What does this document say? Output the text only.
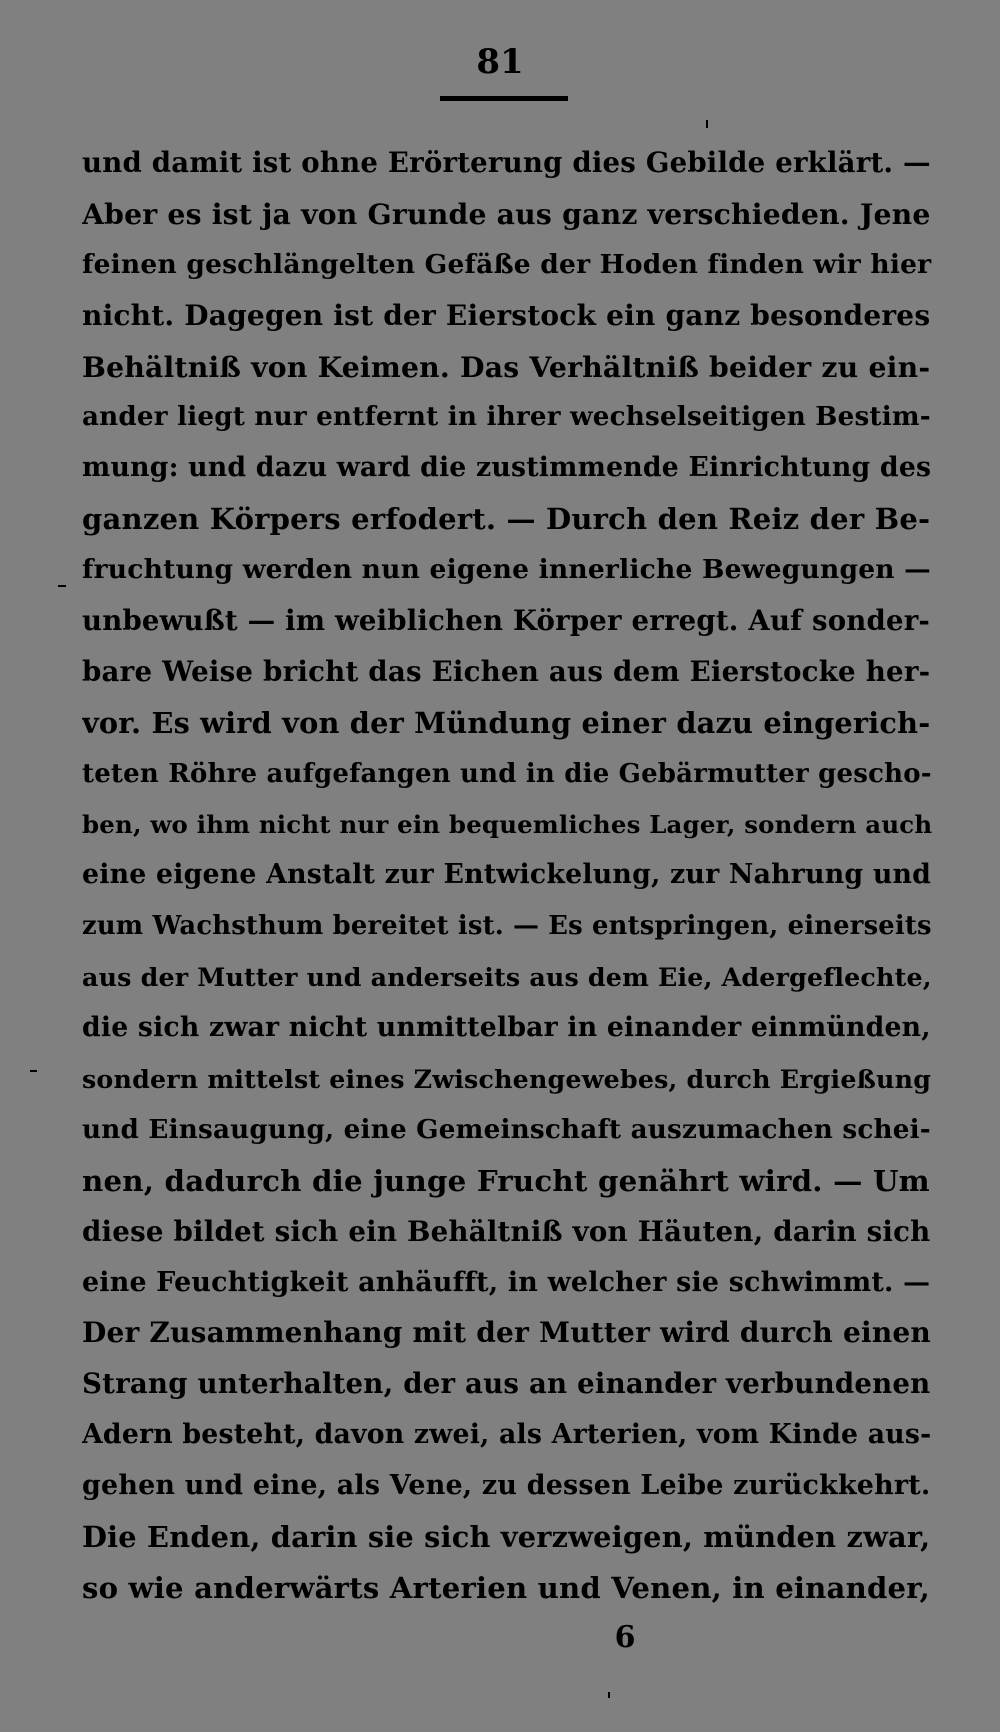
81
und damit ist ohne Erörterung dies Gebilde erklärt. —
Aber es ist ja von Grunde aus ganz verschieden. Jene
feinen geschlängelten Gefäße der Hoden finden wir hier
nicht. Dagegen ist der Eierstock ein ganz besonderes
Behältniß von Keimen. Das Verhältniß beider zu ein-
ander liegt nur entfernt in ihrer wechselseitigen Bestim-
mung: und dazu ward die zustimmende Einrichtung des
ganzen Körpers erfodert. — Durch den Reiz der Be-
fruchtung werden nun eigene innerliche Bewegungen —
unbewußt — im weiblichen Körper erregt. Auf sonder-
bare Weise bricht das Eichen aus dem Eierstocke her-
vor. Es wird von der Mündung einer dazu eingerich-
teten Röhre aufgefangen und in die Gebärmutter gescho-
ben, wo ihm nicht nur ein bequemliches Lager, sondern auch
eine eigene Anstalt zur Entwickelung, zur Nahrung und
zum Wachsthum bereitet ist. — Es entspringen, einerseits
aus der Mutter und anderseits aus dem Eie, Adergeflechte,
die sich zwar nicht unmittelbar in einander einmünden,
sondern mittelst eines Zwischengewebes, durch Ergießung
und Einsaugung, eine Gemeinschaft auszumachen schei-
nen, dadurch die junge Frucht genährt wird. — Um
diese bildet sich ein Behältniß von Häuten, darin sich
eine Feuchtigkeit anhäufft, in welcher sie schwimmt. —
Der Zusammenhang mit der Mutter wird durch einen
Strang unterhalten, der aus an einander verbundenen
Adern besteht, davon zwei, als Arterien, vom Kinde aus-
gehen und eine, als Vene, zu dessen Leibe zurückkehrt.
Die Enden, darin sie sich verzweigen, münden zwar,
so wie anderwärts Arterien und Venen, in einander,
6
